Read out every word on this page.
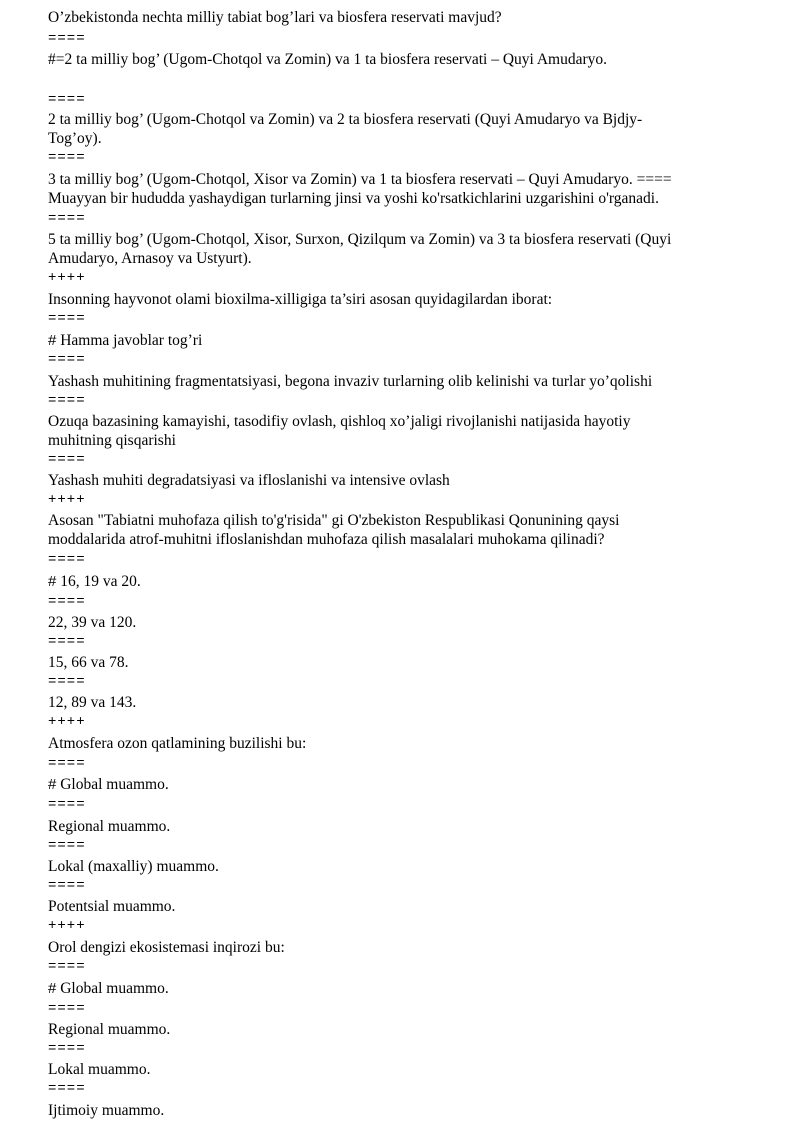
O’zbekistonda nechta milliy tabiat bog’lari va biosfera reservati mavjud?
====
#=2 ta milliy bog’ (Ugom-Chotqol va Zomin) va 1 ta biosfera reservati – Quyi Amudaryo.
====
2 ta milliy bog’ (Ugom-Chotqol va Zomin) va 2 ta biosfera reservati (Quyi Amudaryo va Bjdjy-Tog’oy).
====
3 ta milliy bog’ (Ugom-Chotqol, Xisor va Zomin) va 1 ta biosfera reservati – Quyi Amudaryo. ====
Muayyan bir hududda yashaydigan turlarning jinsi va yoshi ko'rsatkichlarini uzgarishini o'rganadi.
====
5 ta milliy bog’ (Ugom-Chotqol, Xisor, Surxon, Qizilqum va Zomin) va 3 ta biosfera reservati (Quyi Amudaryo, Arnasoy va Ustyurt).
++++
Insonning hayvonot olami bioxilma-xilligiga ta’siri asosan quyidagilardan iborat:
====
# Hamma javoblar tog’ri
====
Yashash muhitining fragmentatsiyasi, begona invaziv turlarning olib kelinishi va turlar yo’qolishi
====
Ozuqa bazasining kamayishi, tasodifiy ovlash, qishloq xo’jaligi rivojlanishi natijasida hayotiy muhitning qisqarishi
====
Yashash muhiti degradatsiyasi va ifloslanishi va intensive ovlash
++++
Asosan "Tabiatni muhofaza qilish to'g'risida" gi O'zbekiston Respublikasi Qonunining qaysi moddalarida atrof-muhitni ifloslanishdan muhofaza qilish masalalari muhokama qilinadi?
====
# 16, 19 va 20.
====
22, 39 va 120.
====
15, 66 va 78.
====
12, 89 va 143.
++++
Atmosfera ozon qatlamining buzilishi bu:
====
# Global muammo.
====
Regional muammo.
====
Lokal (maxalliy) muammo.
====
Potentsial muammo.
++++
Orol dengizi ekosistemasi inqirozi bu:
====
# Global muammo.
====
Regional muammo.
====
Lokal muammo.
====
Ijtimoiy muammo.
